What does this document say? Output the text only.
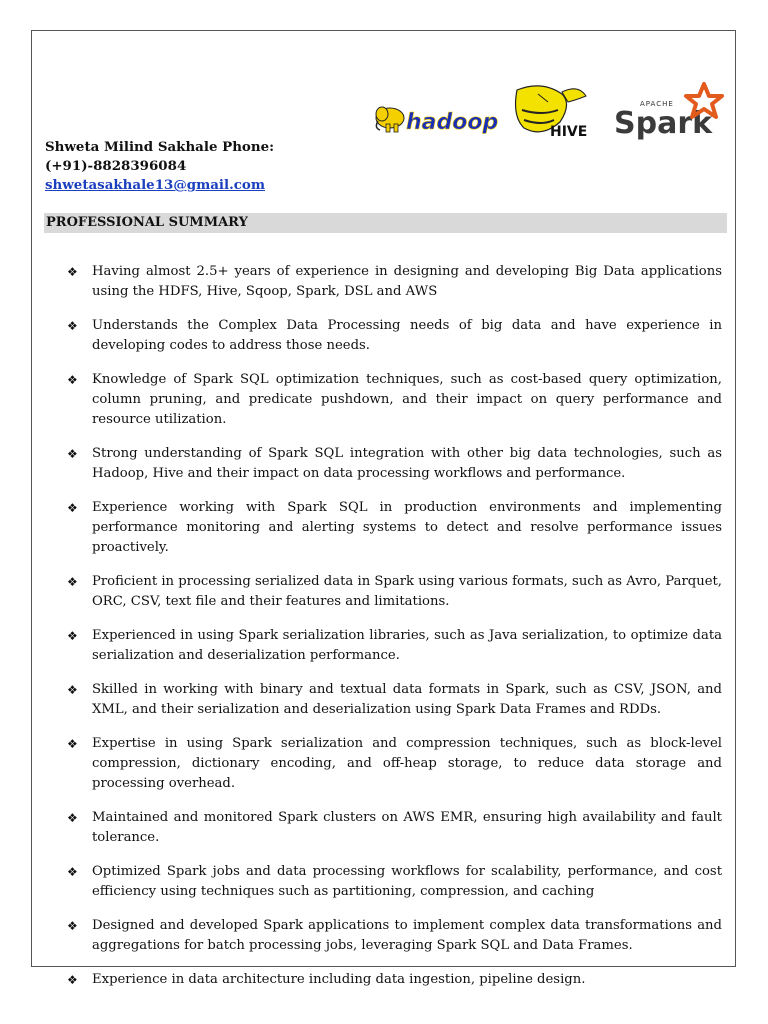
hadoop	HIVE
APACHE
Spark
Shweta Milind Sakhale Phone:
(+91)-8828396084
shwetasakhale13@gmail.com
PROFESSIONAL SUMMARY
❖ Having almost 2.5+ years of experience in designing and developing Big Data applications using the HDFS, Hive, Sqoop, Spark, DSL and AWS
❖ Understands the Complex Data Processing needs of big data and have experience in developing codes to address those needs.
❖ Knowledge of Spark SQL optimization techniques, such as cost-based query optimization, column pruning, and predicate pushdown, and their impact on query performance and resource utilization.
❖ Strong understanding of Spark SQL integration with other big data technologies, such as Hadoop, Hive and their impact on data processing workflows and performance.
❖ Experience working with Spark SQL in production environments and implementing performance monitoring and alerting systems to detect and resolve performance issues proactively.
❖ Proficient in processing serialized data in Spark using various formats, such as Avro, Parquet, ORC, CSV, text file and their features and limitations.
❖ Experienced in using Spark serialization libraries, such as Java serialization, to optimize data serialization and deserialization performance.
❖ Skilled in working with binary and textual data formats in Spark, such as CSV, JSON, and XML, and their serialization and deserialization using Spark Data Frames and RDDs.
❖ Expertise in using Spark serialization and compression techniques, such as block-level compression, dictionary encoding, and off-heap storage, to reduce data storage and processing overhead.
❖ Maintained and monitored Spark clusters on AWS EMR, ensuring high availability and fault tolerance.
❖ Optimized Spark jobs and data processing workflows for scalability, performance, and cost efficiency using techniques such as partitioning, compression, and caching
❖ Designed and developed Spark applications to implement complex data transformations and aggregations for batch processing jobs, leveraging Spark SQL and Data Frames.
❖ Experience in data architecture including data ingestion, pipeline design.
